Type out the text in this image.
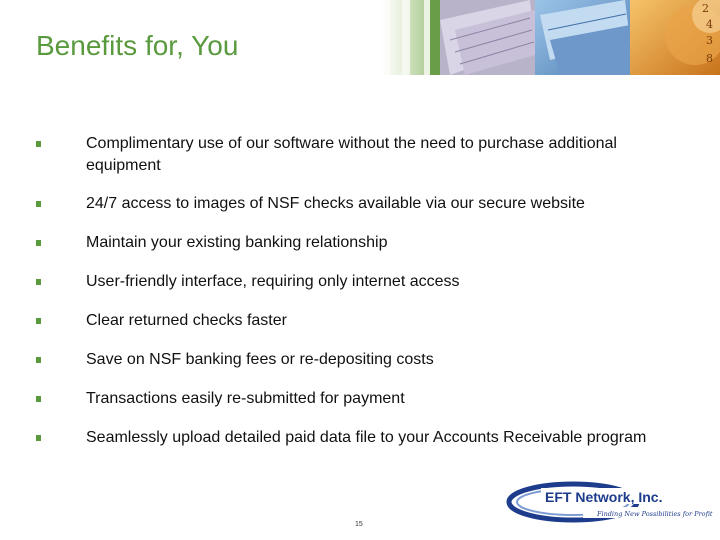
Benefits for, You
Complimentary use of our software without the need to purchase additional equipment
24/7 access to images of NSF checks available via our secure website
Maintain your existing banking relationship
User-friendly interface, requiring only internet access
Clear returned checks faster
Save on NSF banking fees or re-depositing costs
Transactions easily re-submitted for payment
Seamlessly upload detailed paid data file to your Accounts Receivable program
EFT Network, Inc.
Finding New Possibilities for Profit
15
